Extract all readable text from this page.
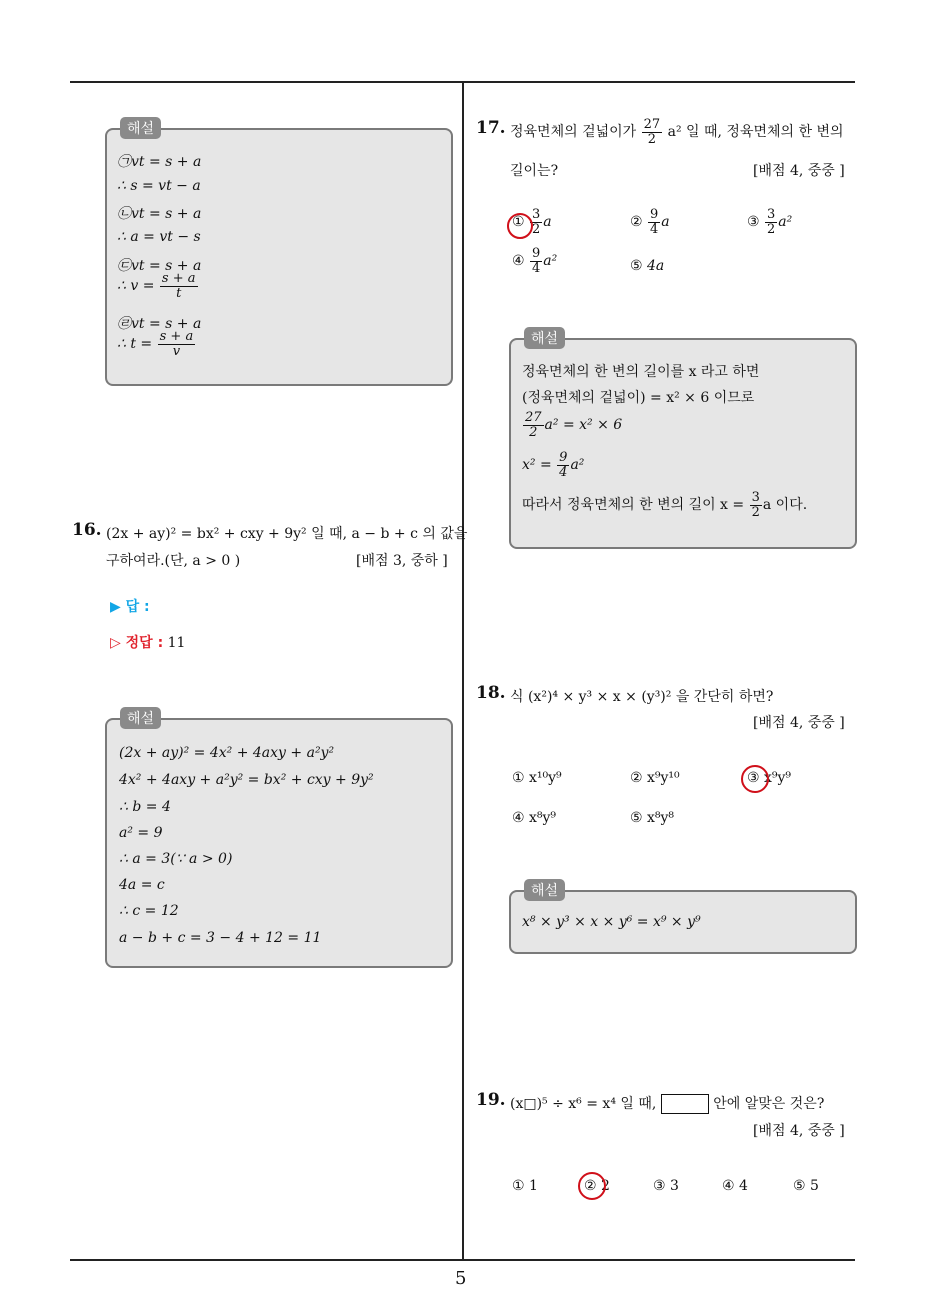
5
해설
㉠vt = s + a
∴ s = vt − a
㉡vt = s + a
∴ a = vt − s
㉢vt = s + a
∴ $v = \frac{s + a}{t}$
㉣vt = s + a
∴ $t = \frac{s + a}{v}$
16. (2x + ay)² = bx² + cxy + 9y² 일 때, a − b + c 의 값을
구하여라.(단, a > 0 )	[배점 3, 중하 ]
▶ 답 :
▷ 정답 : 11
해설
(2x + ay)² = 4x² + 4axy + a²y²
4x² + 4axy + a²y² = bx² + cxy + 9y²
∴ b = 4
a² = 9
∴ a = 3(∵ a > 0)
4a = c
∴ c = 12
a − b + c = 3 − 4 + 12 = 11
17. 정육면체의 겉넓이가 $\frac{27}{2} a^2$ 일 때, 정육면체의 한 변의
길이는?	[배점 4, 중중 ]
① $\frac{3}{2}$ a	② $\frac{9}{4}$ a	③ $\frac{3}{2} a^2$
④ $\frac{9}{4} a^2$	⑤ 4a
해설
정육면체의 한 변의 길이를 x 라고 하면
(정육면체의 겉넓이) = x² × 6 이므로
$\frac{27}{2} a^2 = x^2 \times 6$
$x^2 = \frac{9}{4} a^2$
따라서 정육면체의 한 변의 길이 $x = \frac{3}{2}$ a 이다.
18. 식 (x²)⁴ × y³ × x × (y³)² 을 간단히 하면?
[배점 4, 중중 ]
① x¹⁰y⁹	② x⁹y¹⁰	③ x⁹y⁹
④ x⁸y⁹	⑤ x⁸y⁸
해설
x⁸ × y³ × x × y⁶ = x⁹ × y⁹
19. (x□)⁵ ÷ x⁶ = x⁴ 일 때,	안에 알맞은 것은?
[배점 4, 중중 ]
① 1	② 2	③ 3	④ 4	⑤ 5
